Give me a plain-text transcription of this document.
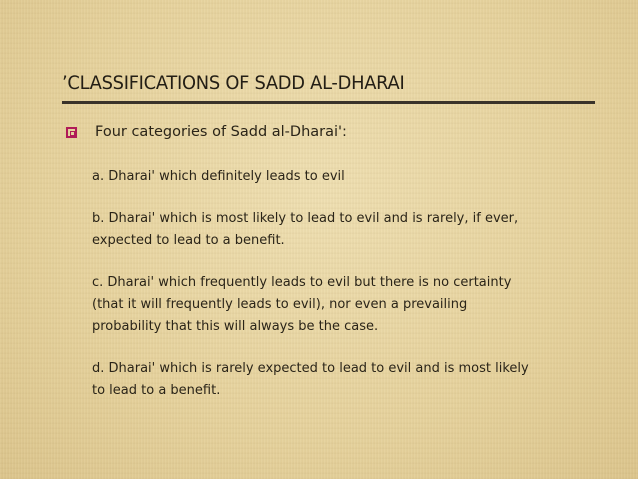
’CLASSIFICATIONS OF SADD AL-DHARAI
Four categories of Sadd al-Dharai':
a. Dharai' which definitely leads to evil
b. Dharai' which is most likely to lead to evil and is rarely, if ever,
expected to lead to a benefit.
c. Dharai' which frequently leads to evil but there is no certainty
(that it will frequently leads to evil), nor even a prevailing
probability that this will always be the case.
d. Dharai' which is rarely expected to lead to evil and is most likely
to lead to a benefit.
